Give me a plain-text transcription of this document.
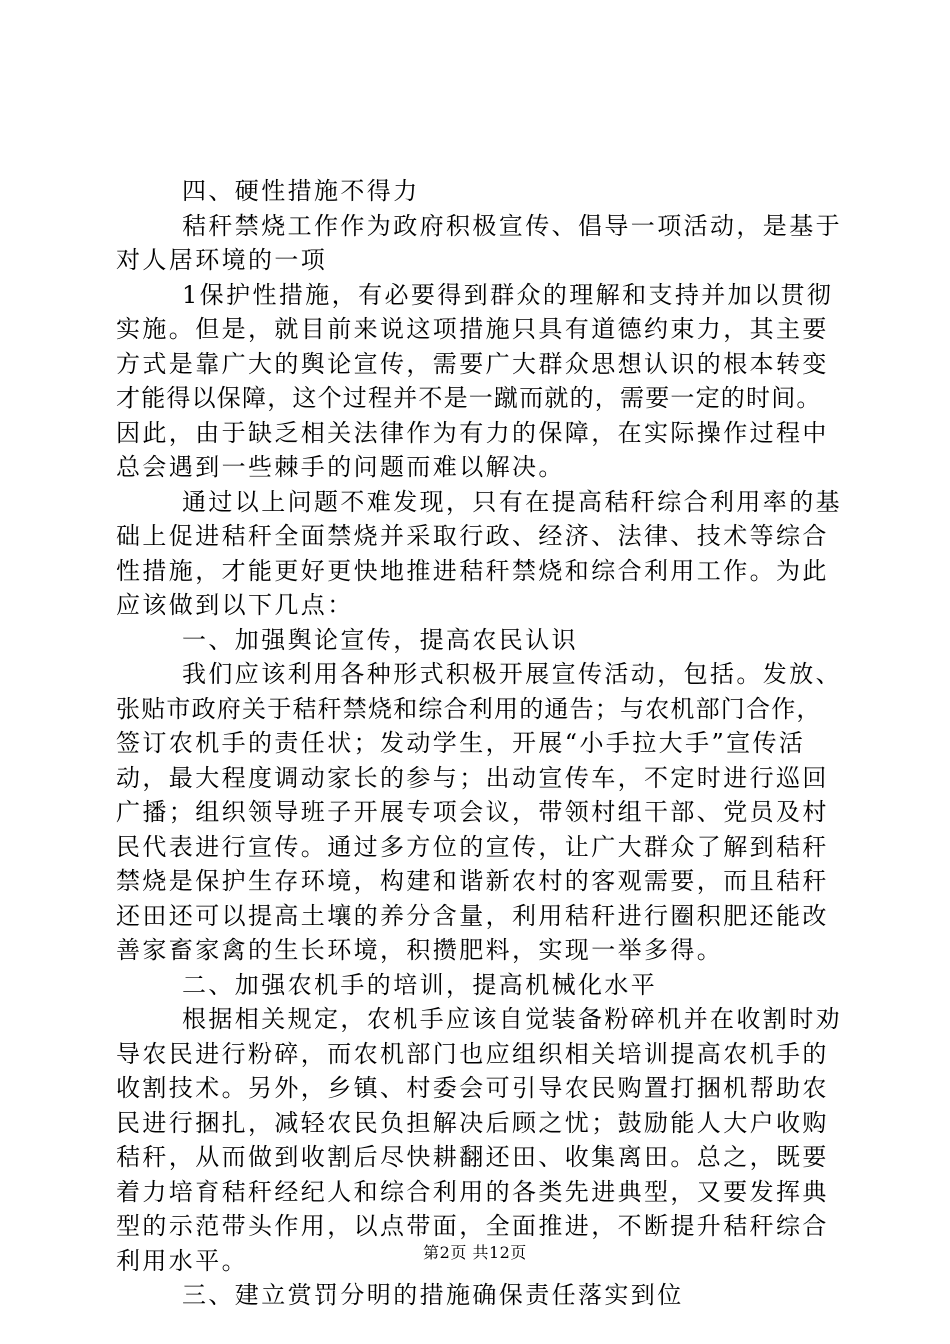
四、硬性措施不得力
秸秆禁烧工作作为政府积极宣传、倡导一项活动，是基于
对人居环境的一项
1保护性措施，有必要得到群众的理解和支持并加以贯彻
实施。但是，就目前来说这项措施只具有道德约束力，其主要
方式是靠广大的舆论宣传，需要广大群众思想认识的根本转变
才能得以保障，这个过程并不是一蹴而就的，需要一定的时间。
因此，由于缺乏相关法律作为有力的保障，在实际操作过程中
总会遇到一些棘手的问题而难以解决。
通过以上问题不难发现，只有在提高秸秆综合利用率的基
础上促进秸秆全面禁烧并采取行政、经济、法律、技术等综合
性措施，才能更好更快地推进秸秆禁烧和综合利用工作。为此
应该做到以下几点：
一、加强舆论宣传，提高农民认识
我们应该利用各种形式积极开展宣传活动，包括。发放、
张贴市政府关于秸秆禁烧和综合利用的通告；与农机部门合作，
签订农机手的责任状；发动学生，开展“小手拉大手”宣传活
动，最大程度调动家长的参与；出动宣传车，不定时进行巡回
广播；组织领导班子开展专项会议，带领村组干部、党员及村
民代表进行宣传。通过多方位的宣传，让广大群众了解到秸秆
禁烧是保护生存环境，构建和谐新农村的客观需要，而且秸秆
还田还可以提高土壤的养分含量，利用秸秆进行圈积肥还能改
善家畜家禽的生长环境，积攒肥料，实现一举多得。
二、加强农机手的培训，提高机械化水平
根据相关规定，农机手应该自觉装备粉碎机并在收割时劝
导农民进行粉碎，而农机部门也应组织相关培训提高农机手的
收割技术。另外，乡镇、村委会可引导农民购置打捆机帮助农
民进行捆扎，减轻农民负担解决后顾之忧；鼓励能人大户收购
秸秆，从而做到收割后尽快耕翻还田、收集离田。总之，既要
着力培育秸秆经纪人和综合利用的各类先进典型，又要发挥典
型的示范带头作用，以点带面，全面推进，不断提升秸秆综合
利用水平。
三、建立赏罚分明的措施确保责任落实到位
第2页 共12页
